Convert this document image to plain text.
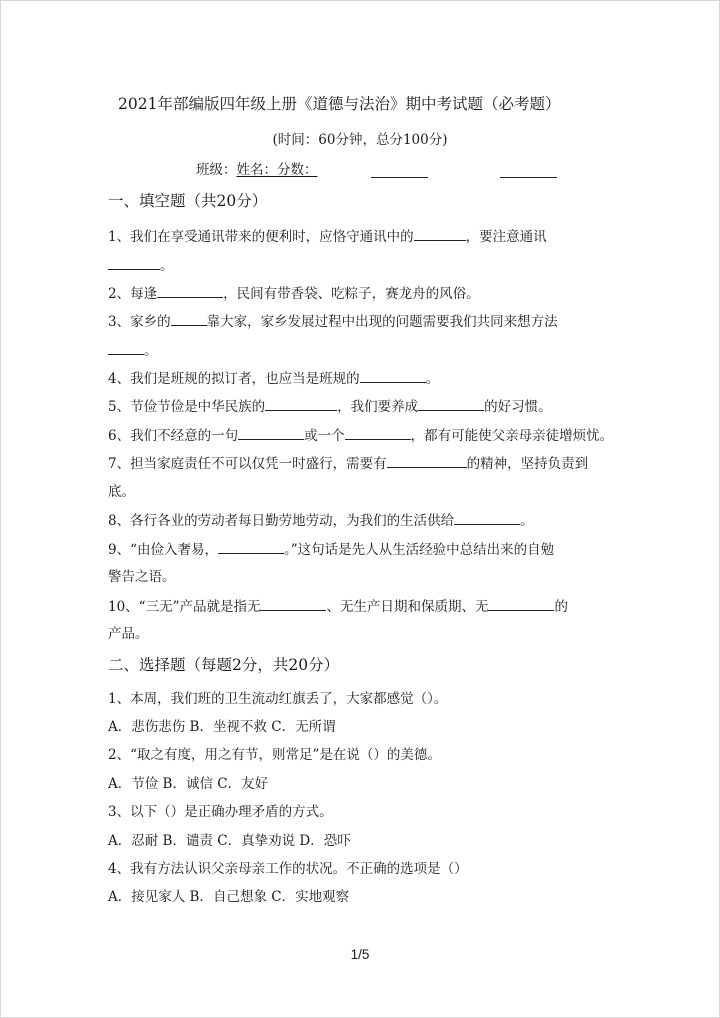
2021年部编版四年级上册《道德与法治》期中考试题（必考题）
(时间：60分钟，总分100分)
班级：姓名：分数：
一、填空题（共20分）
1、我们在享受通讯带来的便利时，应恪守通讯中的	，要注意通讯
。
2、每逢	，民间有带香袋、吃粽子，赛龙舟的风俗。
3、家乡的	靠大家，家乡发展过程中出现的问题需要我们共同来想方法
。
4、我们是班规的拟订者，也应当是班规的	。
5、节俭节俭是中华民族的	，我们要养成	的好习惯。
6、我们不经意的一句	或一个	，都有可能使父亲母亲徒增烦忧。
7、担当家庭责任不可以仅凭一时盛行，需要有	的精神，坚持负责到
底。
8、各行各业的劳动者每日勤劳地劳动，为我们的生活供给	。
9、“由俭入奢易，	。”这句话是先人从生活经验中总结出来的自勉
警告之语。
10、“三无”产品就是指无	、无生产日期和保质期、无	的
产品。
二、选择题（每题2分，共20分）
1、本周，我们班的卫生流动红旗丢了，大家都感觉（）。
A．悲伤悲伤 B．坐视不救 C．无所谓
2、“取之有度，用之有节，则常足”是在说（）的美德。
A．节俭 B．诚信 C．友好
3、以下（）是正确办理矛盾的方式。
A．忍耐 B．谴责 C．真挚劝说 D．恐吓
4、我有方法认识父亲母亲工作的状况。不正确的选项是（）
A．接见家人 B．自己想象 C．实地观察
1/5
